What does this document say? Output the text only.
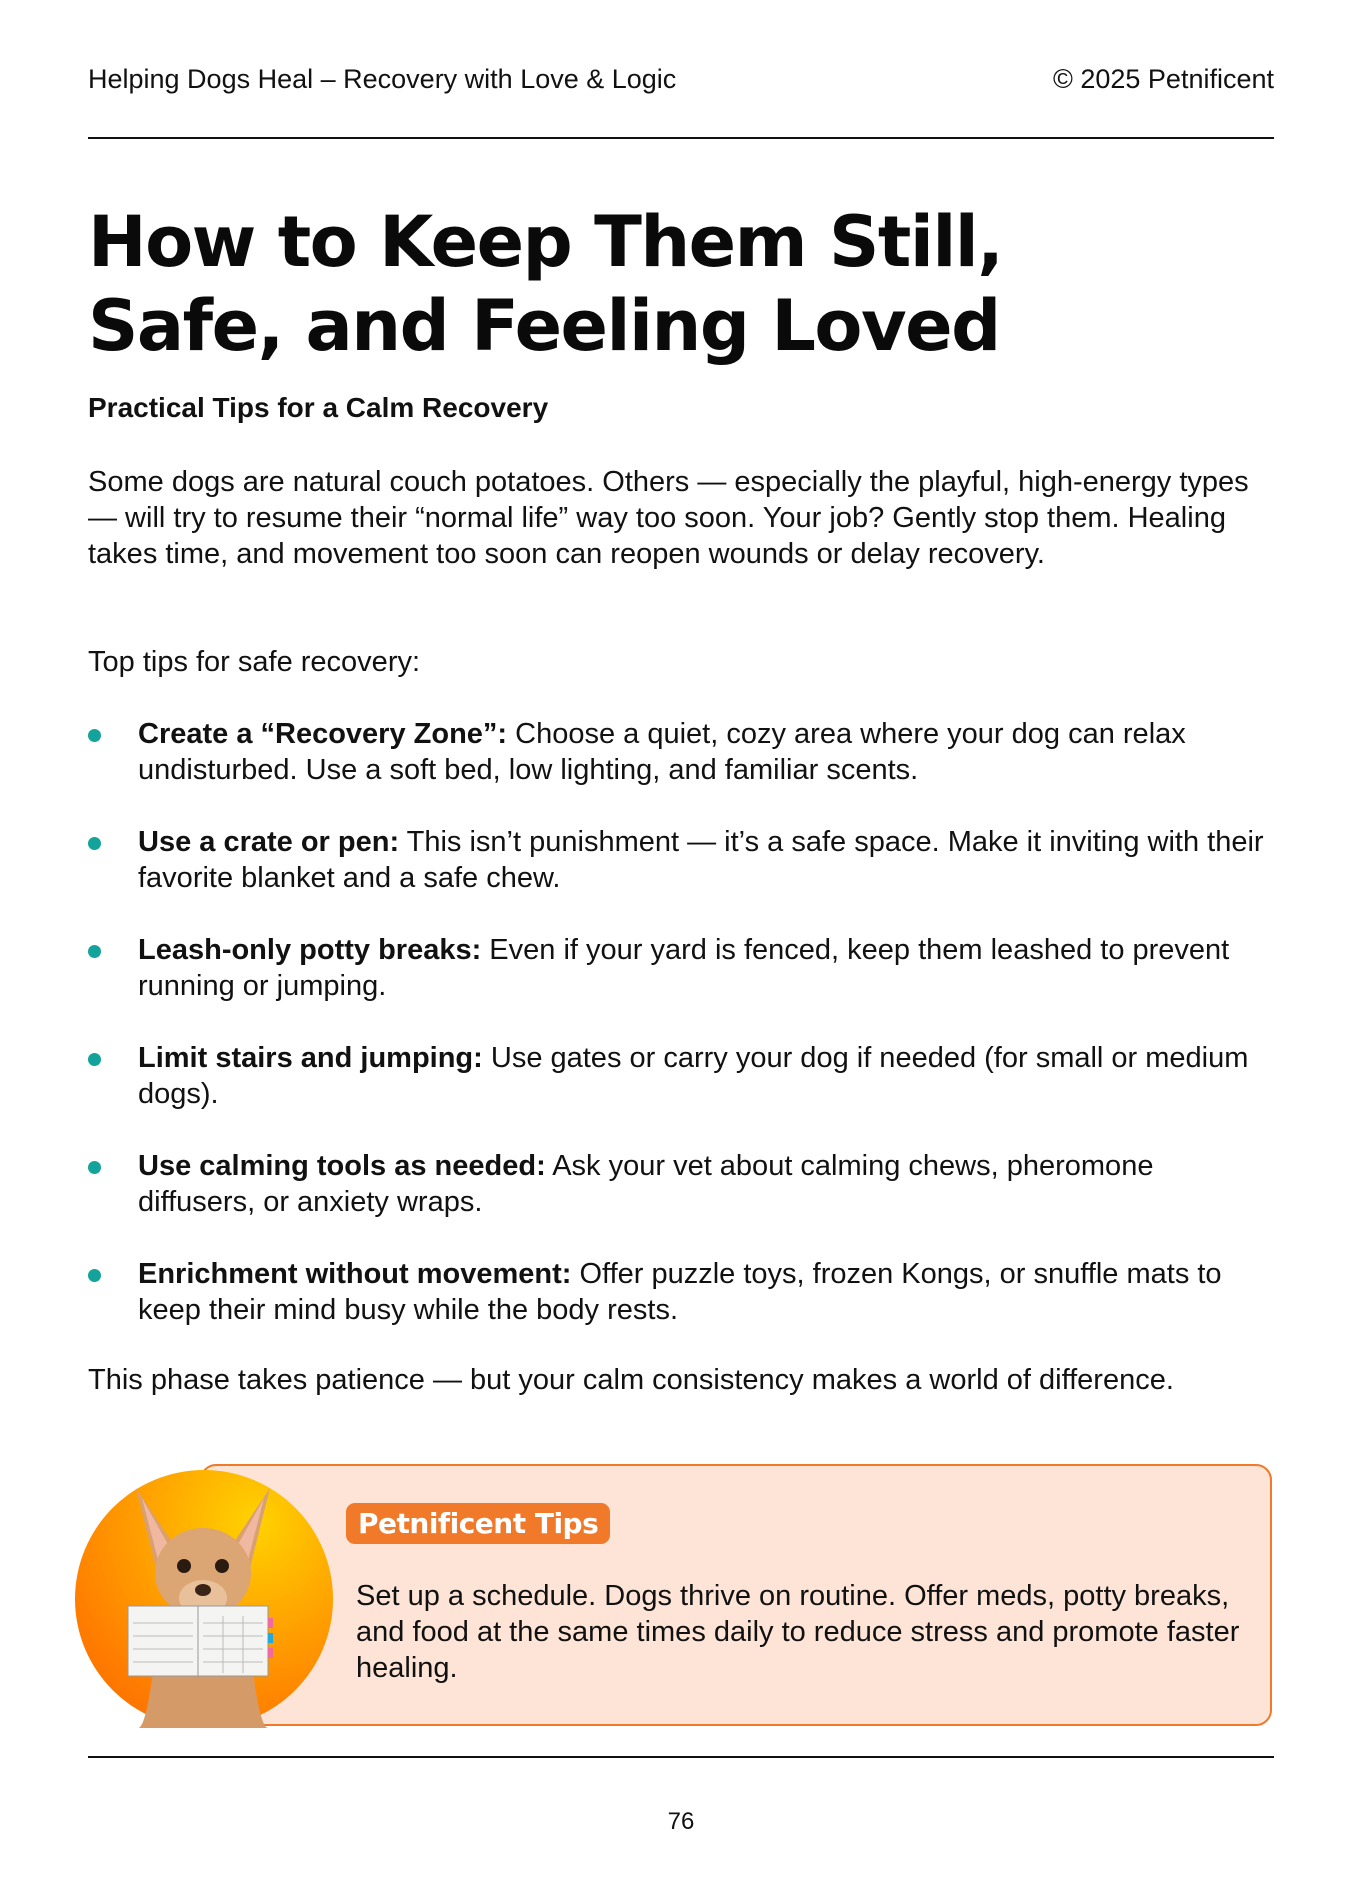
Helping Dogs Heal – Recovery with Love & Logic	© 2025 Petnificent
How to Keep Them Still, Safe, and Feeling Loved
Practical Tips for a Calm Recovery
Some dogs are natural couch potatoes. Others — especially the playful, high-energy types — will try to resume their “normal life” way too soon. Your job? Gently stop them. Healing takes time, and movement too soon can reopen wounds or delay recovery.
Top tips for safe recovery:
Create a “Recovery Zone”: Choose a quiet, cozy area where your dog can relax undisturbed. Use a soft bed, low lighting, and familiar scents.
Use a crate or pen: This isn’t punishment — it’s a safe space. Make it inviting with their favorite blanket and a safe chew.
Leash-only potty breaks: Even if your yard is fenced, keep them leashed to prevent running or jumping.
Limit stairs and jumping: Use gates or carry your dog if needed (for small or medium dogs).
Use calming tools as needed: Ask your vet about calming chews, pheromone diffusers, or anxiety wraps.
Enrichment without movement: Offer puzzle toys, frozen Kongs, or snuffle mats to keep their mind busy while the body rests.
This phase takes patience — but your calm consistency makes a world of difference.
Petnificent Tips
Set up a schedule. Dogs thrive on routine. Offer meds, potty breaks, and food at the same times daily to reduce stress and promote faster healing.
76
